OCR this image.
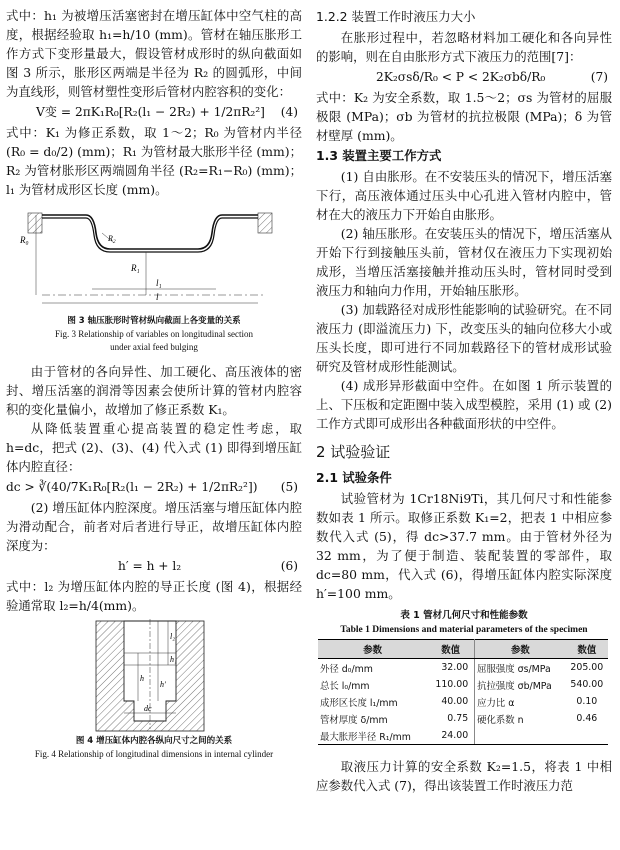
式中：h₁ 为被增压活塞密封在增压缸体中空气柱的高度，根据经验取 h₁=h/10 (mm)。管材在轴压胀形工作方式下变形量最大，假设管材成形时的纵向截面如图 3 所示，胀形区两端是半径为 R₂ 的圆弧形，中间为直线形，则管材塑性变形后管材内腔容积的变化：

V变 = 2πK₁R₀[R₂(l₁ − 2R₂) + 1/2πR₂²] (4)

式中：K₁ 为修正系数，取 1～2；R₀ 为管材内半径 (R₀ = d₀/2) (mm)；R₁ 为管材最大胀形半径 (mm)；R₂ 为管材胀形区两端圆角半径 (R₂=R₁−R₀) (mm)；l₁ 为管材成形区长度 (mm)。

R₀
R₁
R₂
l₁
l
图 3 轴压胀形时管材纵向截面上各变量的关系
Fig. 3 Relationship of variables on longitudinal section
under axial feed bulging

由于管材的各向异性、加工硬化、高压液体的密封、增压活塞的润滑等因素会使所计算的管材内腔容积的变化量偏小，故增加了修正系数 K₁。

从降低装置重心提高装置的稳定性考虑，取 h=dc，把式 (2)、(3)、(4) 代入式 (1) 即得到增压缸体内腔直径：

dc > ∛(40/7K₁R₀[R₂(l₁ − 2R₂) + 1/2πR₂²]) (5)

(2) 增压缸体内腔深度。增压活塞与增压缸体内腔为滑动配合，前者对后者进行导正，故增压缸体内腔深度为：

h′ = h + l₂	(6)

式中：l₂ 为增压缸体内腔的导正长度 (图 4)，根据经验通常取 l₂=h/4(mm)。

l₂
h₁
h
h′
dc
图 4 增压缸体内腔各纵向尺寸之间的关系
Fig. 4 Relationship of longitudinal dimensions in internal cylinder
1.2.2 装置工作时液压力大小

在胀形过程中，若忽略材料加工硬化和各向异性的影响，则在自由胀形方式下液压力的范围[7]：

2K₂σsδ/R₀ < P < 2K₂σbδ/R₀	(7)

式中：K₂ 为安全系数，取 1.5～2；σs 为管材的屈服极限 (MPa)；σb 为管材的抗拉极限 (MPa)；δ 为管材壁厚 (mm)。

1.3 装置主要工作方式

(1) 自由胀形。在不安装压头的情况下，增压活塞下行，高压液体通过压头中心孔进入管材内腔中，管材在大的液压力下开始自由胀形。

(2) 轴压胀形。在安装压头的情况下，增压活塞从开始下行到接触压头前，管材仅在液压力下实现初始成形，当增压活塞接触并推动压头时，管材同时受到液压力和轴向力作用，开始轴压胀形。

(3) 加载路径对成形性能影响的试验研究。在不同液压力 (即溢流压力) 下，改变压头的轴向位移大小或压头长度，即可进行不同加载路径下的管材成形试验研究及管材成形性能测试。

(4) 成形异形截面中空件。在如图 1 所示装置的上、下压板和定距圈中装入成型模腔，采用 (1) 或 (2) 工作方式即可成形出各种截面形状的中空件。

2 试验验证
2.1 试验条件

试验管材为 1Cr18Ni9Ti，其几何尺寸和性能参数如表 1 所示。取修正系数 K₁=2，把表 1 中相应参数代入式 (5)，得 dc>37.7 mm。由于管材外径为 32 mm，为了便于制造、装配装置的零部件，取 dc=80 mm，代入式 (6)，得增压缸体内腔实际深度 h′=100 mm。

表 1 管材几何尺寸和性能参数
Table 1 Dimensions and material parameters of the specimen
参数	数值	参数	数值
外径 d₀/mm	32.00	屈服强度 σs/MPa	205.00
总长 l₀/mm	110.00	抗拉强度 σb/MPa	540.00
成形区长度 l₁/mm	40.00	应力比 α	0.10
管材厚度 δ/mm	0.75	硬化系数 n	0.46
最大胀形半径 R₁/mm	24.00		

取液压力计算的安全系数 K₂=1.5，将表 1 中相应参数代入式 (7)，得出该装置工作时液压力范
